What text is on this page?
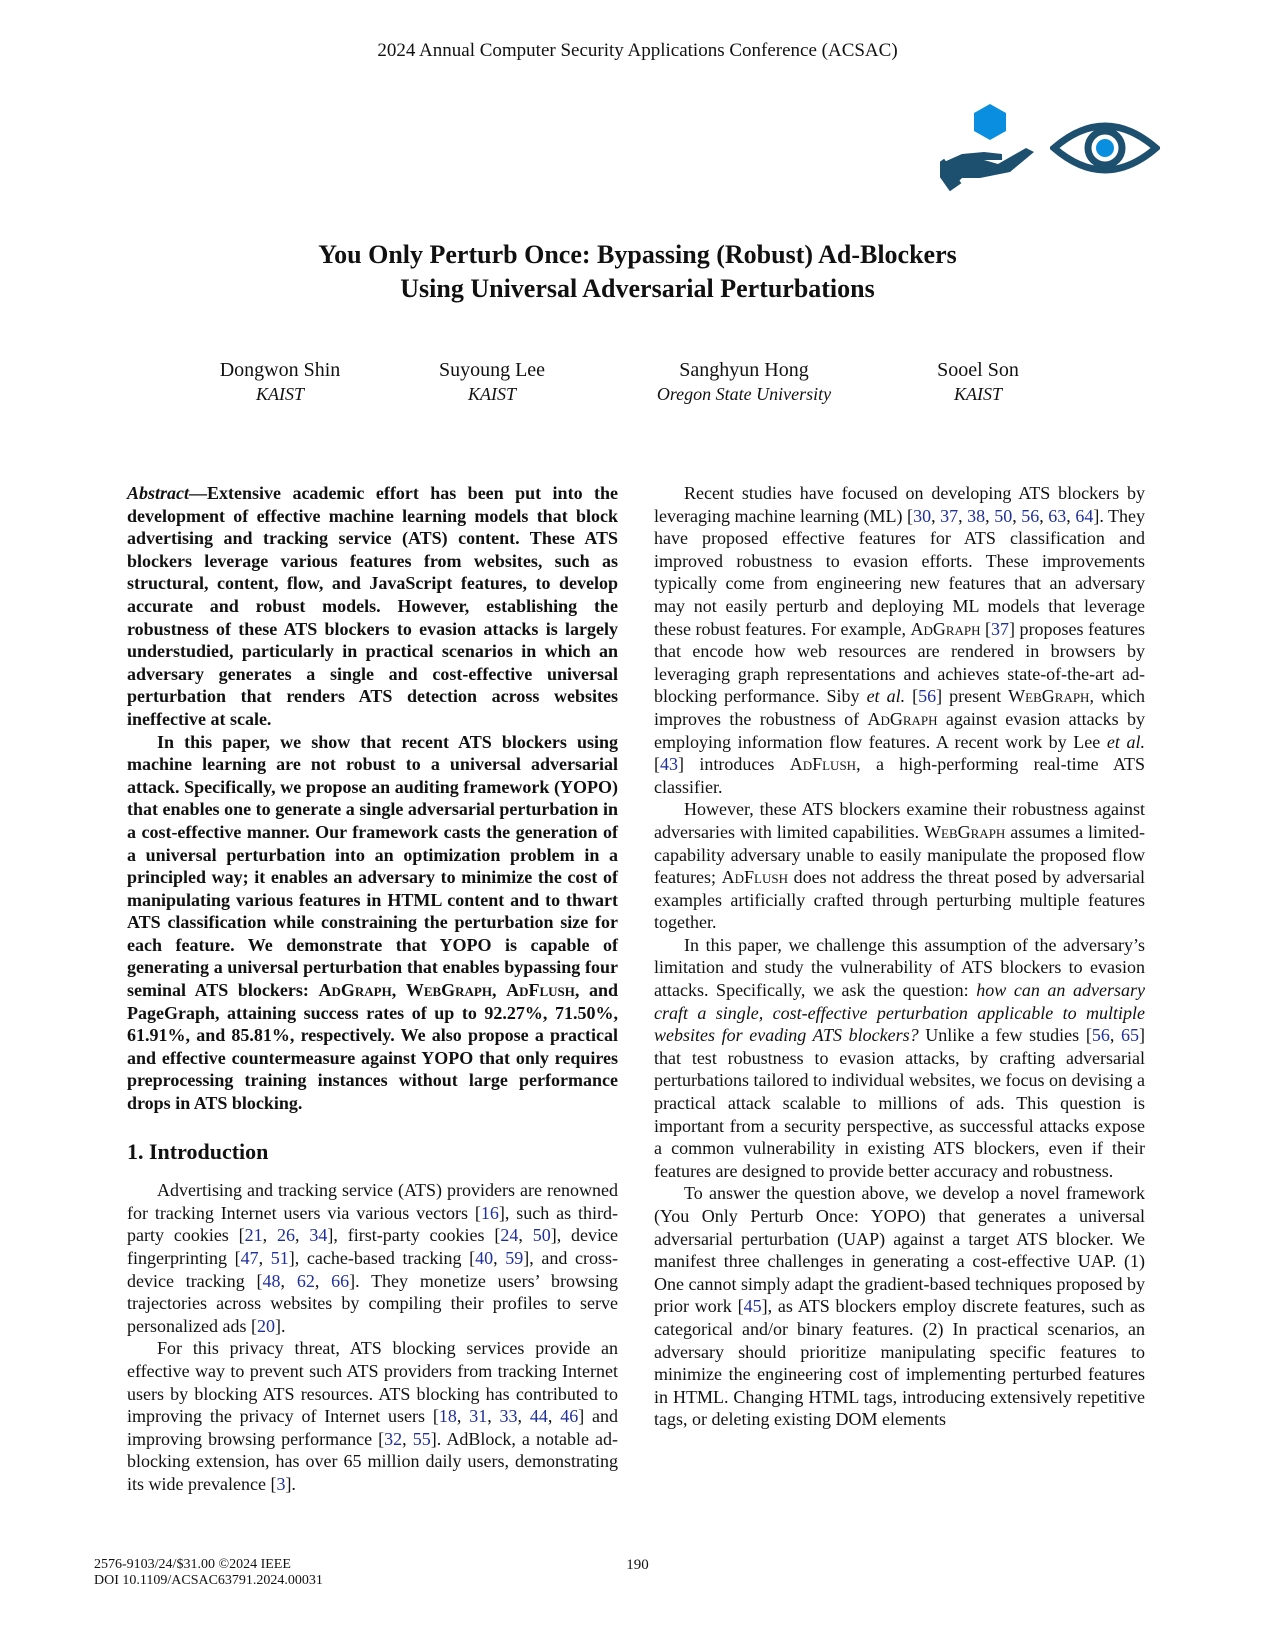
2024 Annual Computer Security Applications Conference (ACSAC)
You Only Perturb Once: Bypassing (Robust) Ad-Blockers
Using Universal Adversarial Perturbations
Dongwon Shin
KAIST
Suyoung Lee
KAIST
Sanghyun Hong
Oregon State University
Sooel Son
KAIST

Abstract—Extensive academic effort has been put into the development of effective machine learning models that block advertising and tracking service (ATS) content. These ATS blockers leverage various features from websites, such as structural, content, flow, and JavaScript features, to develop accurate and robust models. However, establishing the robustness of these ATS blockers to evasion attacks is largely understudied, particularly in practical scenarios in which an adversary generates a single and cost-effective universal perturbation that renders ATS detection across websites ineffective at scale.

In this paper, we show that recent ATS blockers using machine learning are not robust to a universal adversarial attack. Specifically, we propose an auditing framework (YOPO) that enables one to generate a single adversarial perturbation in a cost-effective manner. Our framework casts the generation of a universal perturbation into an optimization problem in a principled way; it enables an adversary to minimize the cost of manipulating various features in HTML content and to thwart ATS classification while constraining the perturbation size for each feature. We demonstrate that YOPO is capable of generating a universal perturbation that enables bypassing four seminal ATS blockers: AdGraph, WebGraph, AdFlush, and PageGraph, attaining success rates of up to 92.27%, 71.50%, 61.91%, and 85.81%, respectively. We also propose a practical and effective countermeasure against YOPO that only requires preprocessing training instances without large performance drops in ATS blocking.

1. Introduction

Advertising and tracking service (ATS) providers are renowned for tracking Internet users via various vectors [16], such as third-party cookies [21, 26, 34], first-party cookies [24, 50], device fingerprinting [47, 51], cache-based tracking [40, 59], and cross-device tracking [48, 62, 66]. They monetize users’ browsing trajectories across websites by compiling their profiles to serve personalized ads [20].

For this privacy threat, ATS blocking services provide an effective way to prevent such ATS providers from tracking Internet users by blocking ATS resources. ATS blocking has contributed to improving the privacy of Internet users [18, 31, 33, 44, 46] and improving browsing performance [32, 55]. AdBlock, a notable ad-blocking extension, has over 65 million daily users, demonstrating its wide prevalence [3].

Recent studies have focused on developing ATS blockers by leveraging machine learning (ML) [30, 37, 38, 50, 56, 63, 64]. They have proposed effective features for ATS classification and improved robustness to evasion efforts. These improvements typically come from engineering new features that an adversary may not easily perturb and deploying ML models that leverage these robust features. For example, AdGraph [37] proposes features that encode how web resources are rendered in browsers by leveraging graph representations and achieves state-of-the-art ad-blocking performance. Siby et al. [56] present WebGraph, which improves the robustness of AdGraph against evasion attacks by employing information flow features. A recent work by Lee et al. [43] introduces AdFlush, a high-performing real-time ATS classifier.

However, these ATS blockers examine their robustness against adversaries with limited capabilities. WebGraph assumes a limited-capability adversary unable to easily manipulate the proposed flow features; AdFlush does not address the threat posed by adversarial examples artificially crafted through perturbing multiple features together.

In this paper, we challenge this assumption of the adversary’s limitation and study the vulnerability of ATS blockers to evasion attacks. Specifically, we ask the question: how can an adversary craft a single, cost-effective perturbation applicable to multiple websites for evading ATS blockers? Unlike a few studies [56, 65] that test robustness to evasion attacks, by crafting adversarial perturbations tailored to individual websites, we focus on devising a practical attack scalable to millions of ads. This question is important from a security perspective, as successful attacks expose a common vulnerability in existing ATS blockers, even if their features are designed to provide better accuracy and robustness.

To answer the question above, we develop a novel framework (You Only Perturb Once: YOPO) that generates a universal adversarial perturbation (UAP) against a target ATS blocker. We manifest three challenges in generating a cost-effective UAP. (1) One cannot simply adapt the gradient-based techniques proposed by prior work [45], as ATS blockers employ discrete features, such as categorical and/or binary features. (2) In practical scenarios, an adversary should prioritize manipulating specific features to minimize the engineering cost of implementing perturbed features in HTML. Changing HTML tags, introducing extensively repetitive tags, or deleting existing DOM elements

2576-9103/24/$31.00 ©2024 IEEE
DOI 10.1109/ACSAC63791.2024.00031
190
